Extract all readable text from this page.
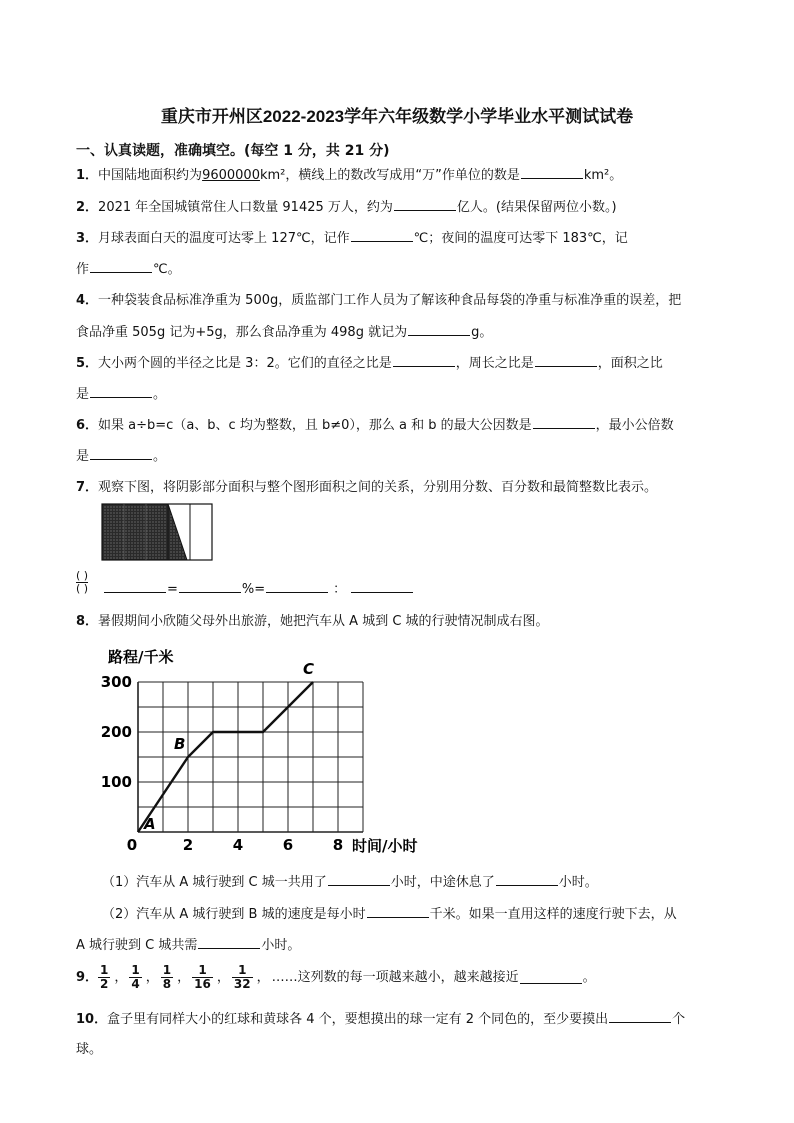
重庆市开州区2022-2023学年六年级数学小学毕业水平测试试卷
一、认真读题，准确填空。(每空 1 分，共 21 分)
1．中国陆地面积约为9600000km²，横线上的数改写成用“万”作单位的数是	km²。
2．2021 年全国城镇常住人口数量 91425 万人，约为	亿人。(结果保留两位小数。)
3．月球表面白天的温度可达零上 127℃，记作	℃；夜间的温度可达零下 183℃，记
作	℃。
4．一种袋装食品标准净重为 500g，质监部门工作人员为了解该种食品每袋的净重与标准净重的误差，把
食品净重 505g 记为+5g，那么食品净重为 498g 就记为	g。
5．大小两个圆的半径之比是 3：2。它们的直径之比是	，周长之比是	，面积之比
是	。
6．如果 a÷b=c（a、b、c 均为整数，且 b≠0），那么 a 和 b 的最大公因数是	，最小公倍数
是	。
7．观察下图，将阴影部分面积与整个图形面积之间的关系，分别用分数、百分数和最简整数比表示。
( )
( )	=	%=	：
8．暑假期间小欣随父母外出旅游，她把汽车从 A 城到 C 城的行驶情况制成右图。
路程/千米
时间/小时
100
200
300
0	2	4	6	8
A
B
C
（1）汽车从 A 城行驶到 C 城一共用了	小时，中途休息了	小时。
（2）汽车从 A 城行驶到 B 城的速度是每小时	千米。如果一直用这样的速度行驶下去，从
A 城行驶到 C 城共需	小时。
9． $\frac{1}{2}$ ， $\frac{1}{4}$ ， $\frac{1}{8}$ ， $\frac{1}{16}$ ， $\frac{1}{32}$ ， ……这列数的每一项越来越小，越来越接近	。
10．盒子里有同样大小的红球和黄球各 4 个，要想摸出的球一定有 2 个同色的，至少要摸出	个
球。
